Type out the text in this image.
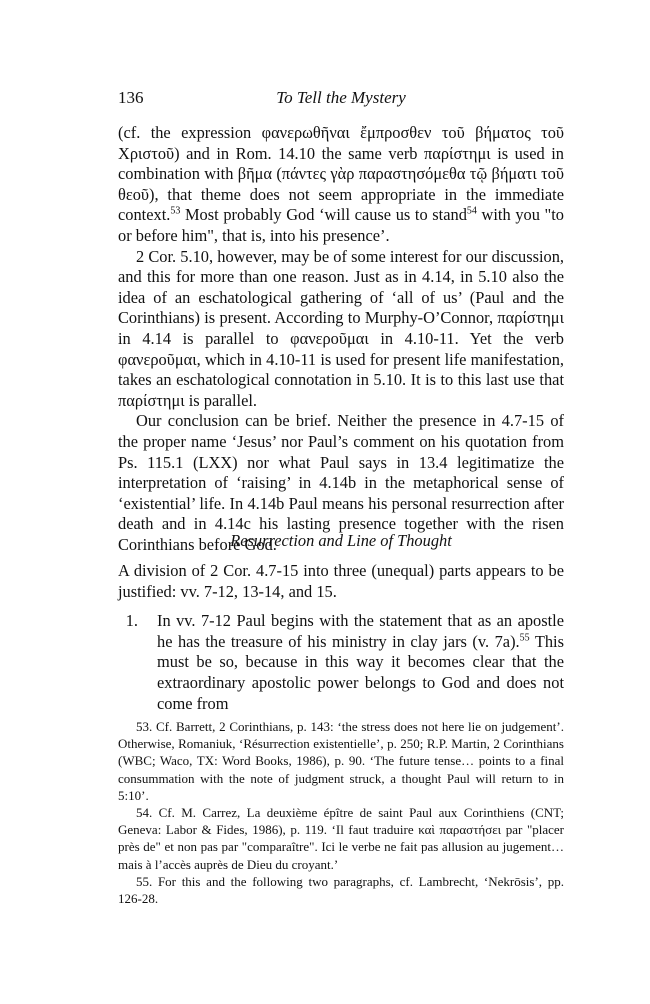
136	To Tell the Mystery

(cf. the expression φανερωθῆναι ἔμπροσθεν τοῦ βήματος τοῦ Χριστοῦ) and in Rom. 14.10 the same verb παρίστημι is used in combination with βῆμα (πάντες γὰρ παραστησόμεθα τῷ βήματι τοῦ θεοῦ), that theme does not seem appropriate in the immediate context.$^{53}$ Most probably God ‘will cause us to stand$^{54}$ with you "to or before him", that is, into his presence’.

2 Cor. 5.10, however, may be of some interest for our discussion, and this for more than one reason. Just as in 4.14, in 5.10 also the idea of an eschatological gathering of ‘all of us’ (Paul and the Corinthians) is present. According to Murphy-O’Connor, παρίστημι in 4.14 is parallel to φανεροῦμαι in 4.10-11. Yet the verb φανεροῦμαι, which in 4.10-11 is used for present life manifestation, takes an eschatological connotation in 5.10. It is to this last use that παρίστημι is parallel.

Our conclusion can be brief. Neither the presence in 4.7-15 of the proper name ‘Jesus’ nor Paul’s comment on his quotation from Ps. 115.1 (LXX) nor what Paul says in 13.4 legitimatize the interpretation of ‘raising’ in 4.14b in the metaphorical sense of ‘existential’ life. In 4.14b Paul means his personal resurrection after death and in 4.14c his lasting presence together with the risen Corinthians before God.

Resurrection and Line of Thought

A division of 2 Cor. 4.7-15 into three (unequal) parts appears to be justified: vv. 7-12, 13-14, and 15.

1. In vv. 7-12 Paul begins with the statement that as an apostle he has the treasure of his ministry in clay jars (v. 7a).$^{55}$ This must be so, because in this way it becomes clear that the extraordinary apostolic power belongs to God and does not come from

53. Cf. Barrett, 2 Corinthians, p. 143: ‘the stress does not here lie on judgement’. Otherwise, Romaniuk, ‘Résurrection existentielle’, p. 250; R.P. Martin, 2 Corinthians (WBC; Waco, TX: Word Books, 1986), p. 90. ‘The future tense… points to a final consummation with the note of judgment struck, a thought Paul will return to in 5:10’.

54. Cf. M. Carrez, La deuxième épître de saint Paul aux Corinthiens (CNT; Geneva: Labor & Fides, 1986), p. 119. ‘Il faut traduire καὶ παραστήσει par "placer près de" et non pas par "comparaître". Ici le verbe ne fait pas allusion au jugement…mais à l’accès auprès de Dieu du croyant.’

55. For this and the following two paragraphs, cf. Lambrecht, ‘Nekrōsis’, pp. 126-28.
